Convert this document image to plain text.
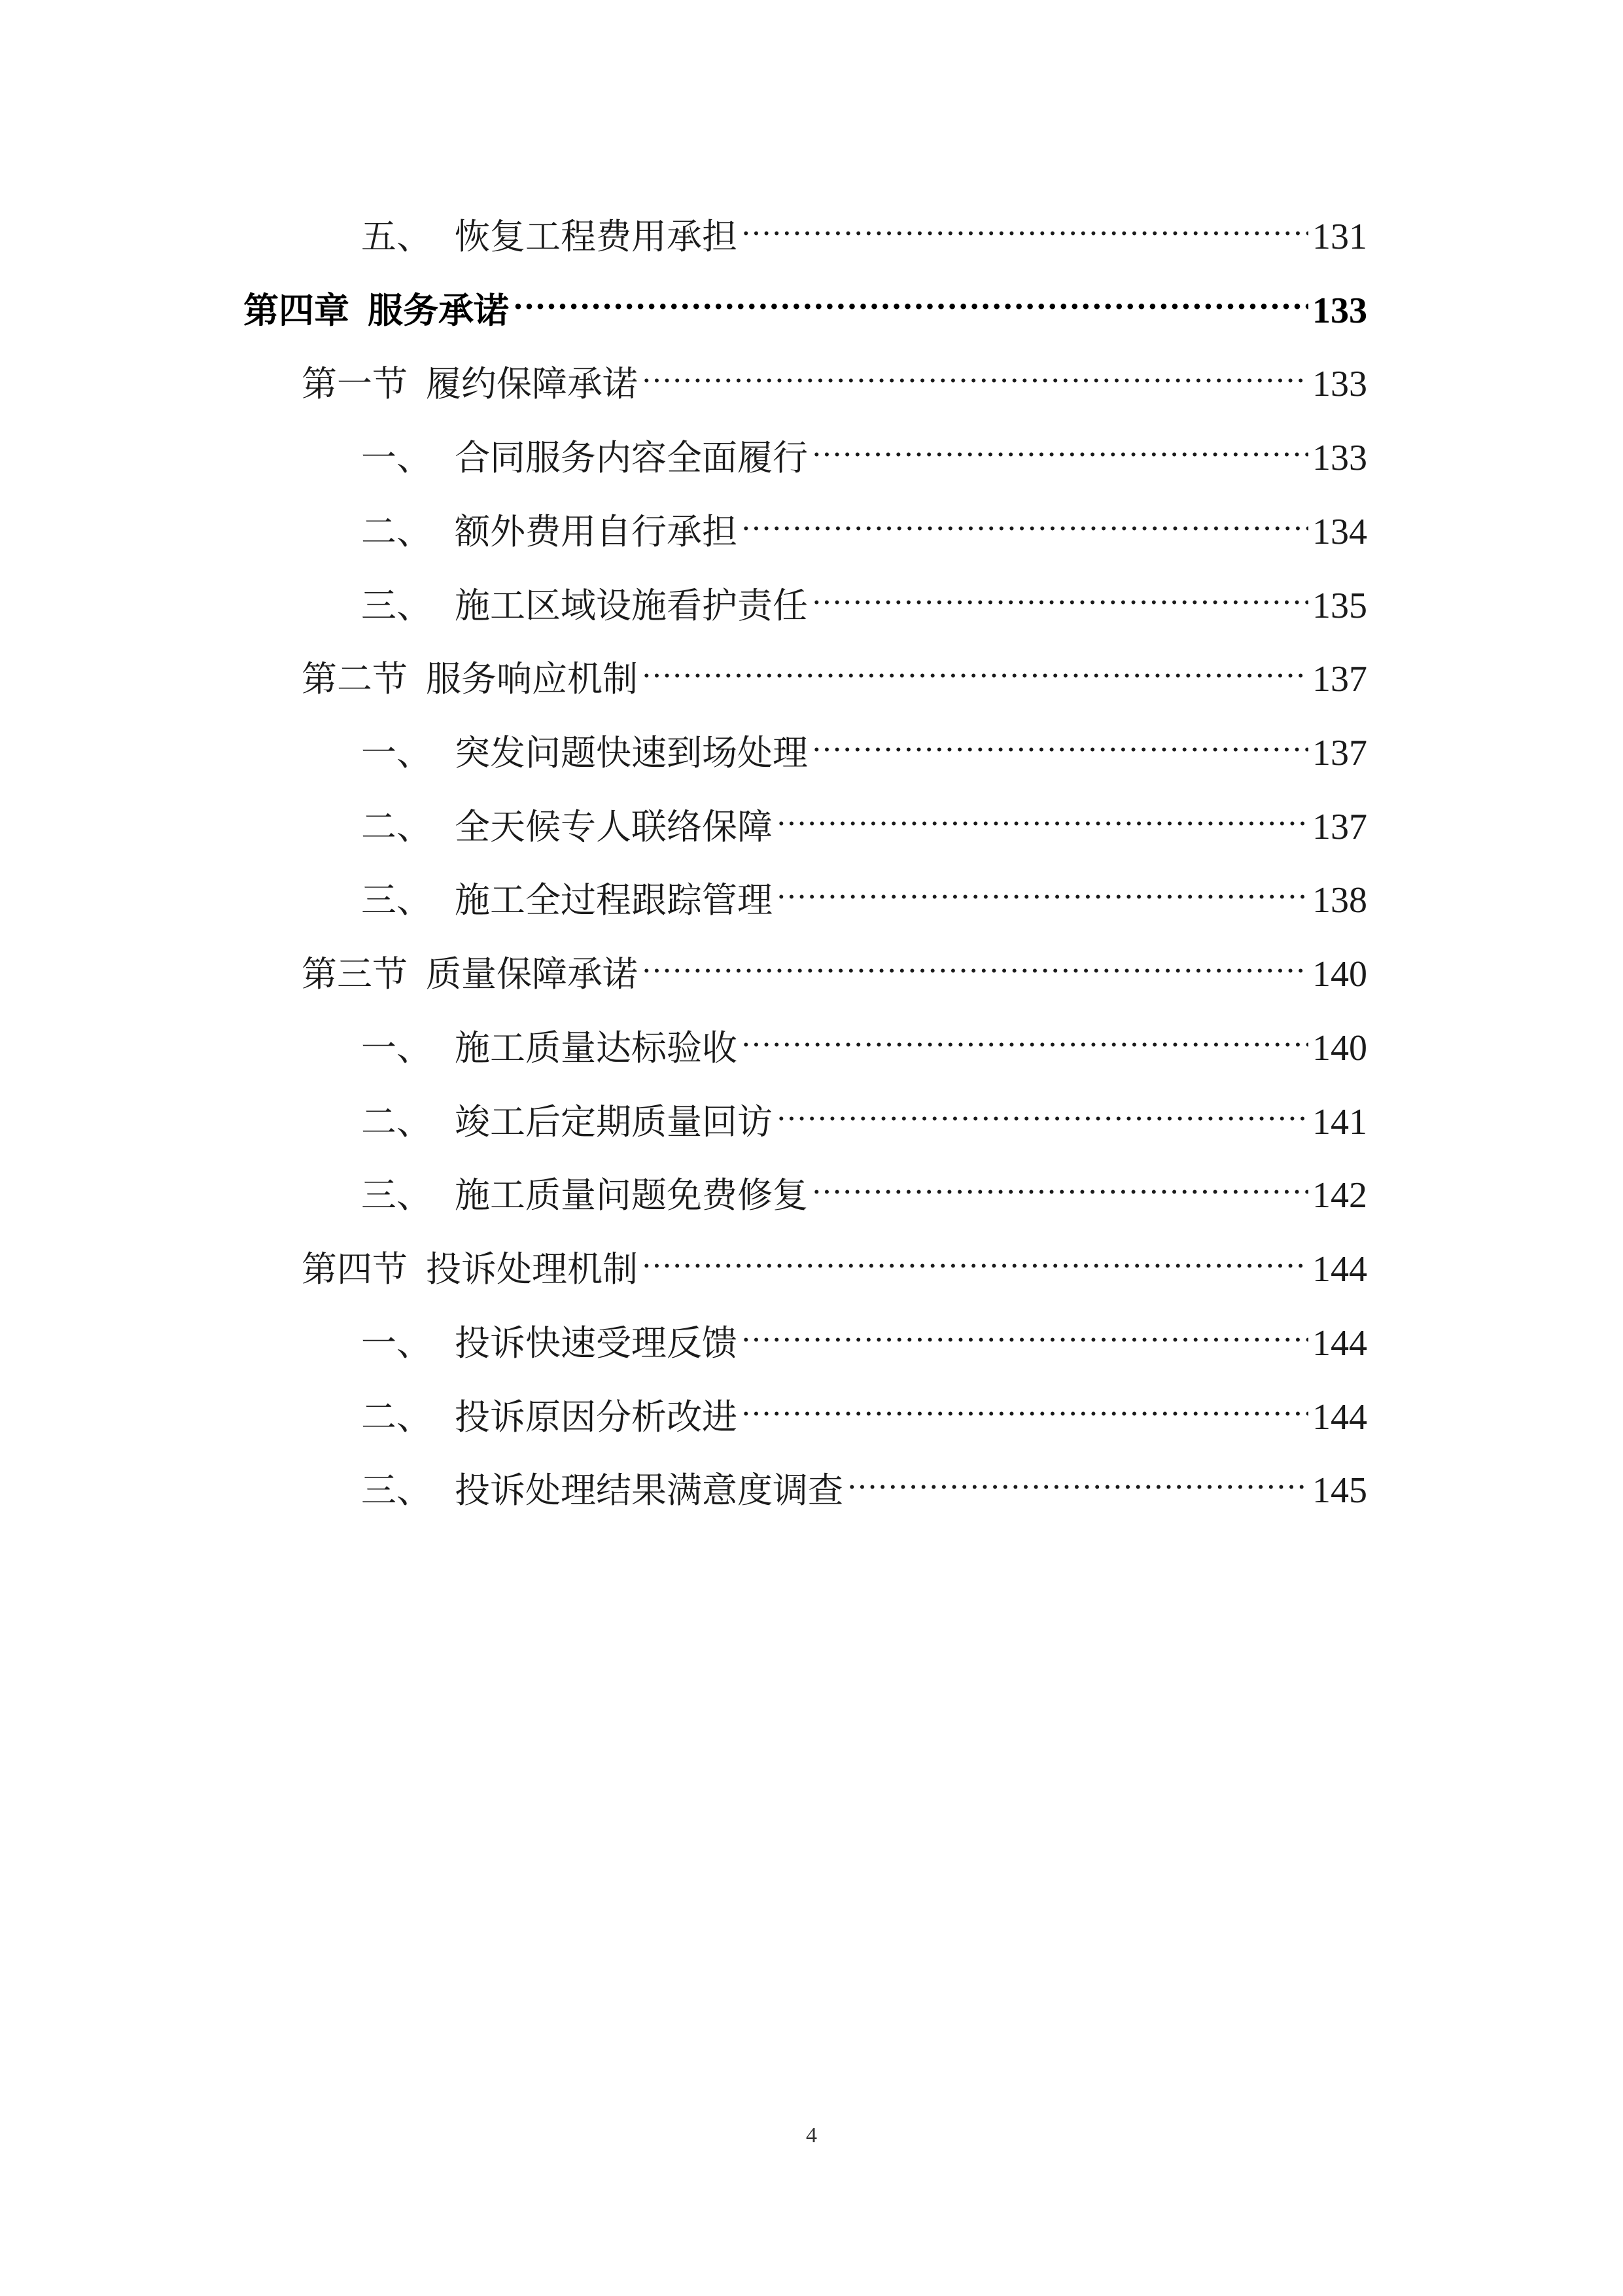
五、 恢复工程费用承担 .....	131
第四章 服务承诺 .....	133
第一节 履约保障承诺 .....	133
一、 合同服务内容全面履行 .....	133
二、 额外费用自行承担 .....	134
三、 施工区域设施看护责任 .....	135
第二节 服务响应机制 .....	137
一、 突发问题快速到场处理 .....	137
二、 全天候专人联络保障 .....	137
三、 施工全过程跟踪管理 .....	138
第三节 质量保障承诺 .....	140
一、 施工质量达标验收 .....	140
二、 竣工后定期质量回访 .....	141
三、 施工质量问题免费修复 .....	142
第四节 投诉处理机制 .....	144
一、 投诉快速受理反馈 .....	144
二、 投诉原因分析改进 .....	144
三、 投诉处理结果满意度调查 .....	145
4
